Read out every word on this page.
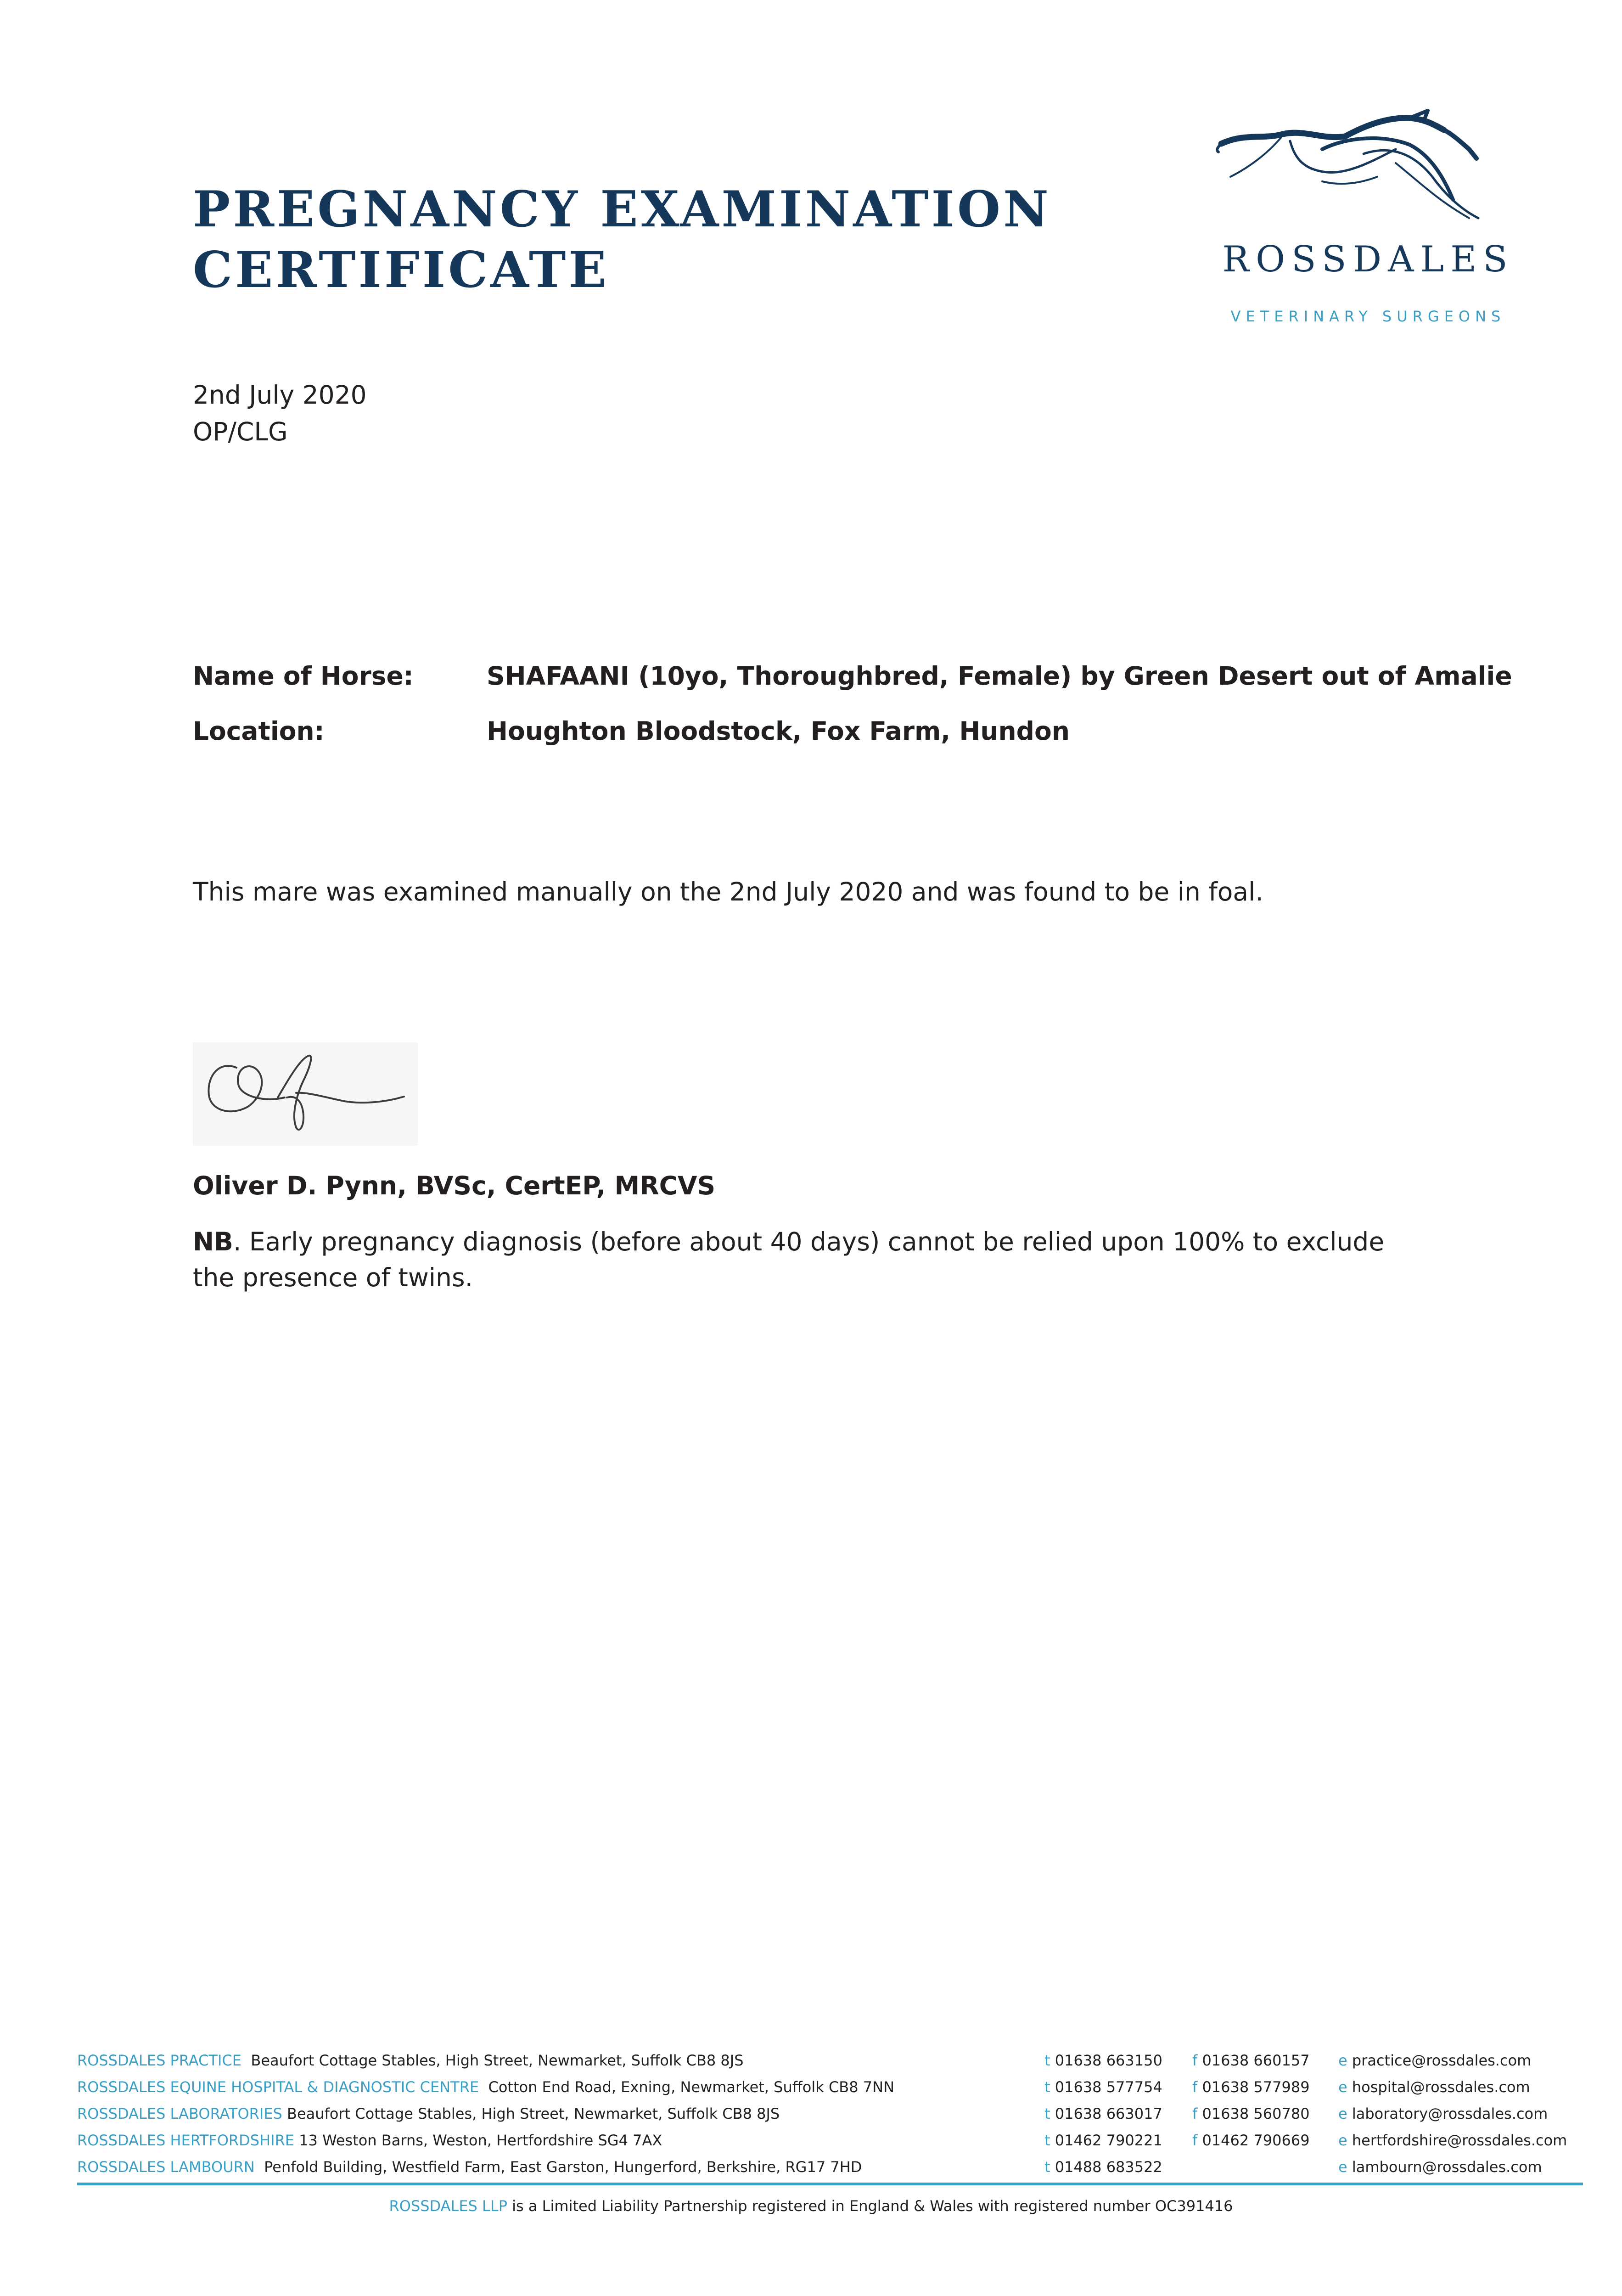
PREGNANCY EXAMINATION
CERTIFICATE	ROSSDALES
VETERINARY SURGEONS
2nd July 2020
OP/CLG
Name of Horse:	SHAFAANI (10yo, Thoroughbred, Female) by Green Desert out of Amalie
Location:	Houghton Bloodstock, Fox Farm, Hundon
This mare was examined manually on the 2nd July 2020 and was found to be in foal.
Oliver D. Pynn, BVSc, CertEP, MRCVS
NB. Early pregnancy diagnosis (before about 40 days) cannot be relied upon 100% to exclude the presence of twins.
ROSSDALES PRACTICE Beaufort Cottage Stables, High Street, Newmarket, Suffolk CB8 8JS	t 01638 663150	f 01638 660157	e practice@rossdales.com
ROSSDALES EQUINE HOSPITAL & DIAGNOSTIC CENTRE Cotton End Road, Exning, Newmarket, Suffolk CB8 7NN	t 01638 577754	f 01638 577989	e hospital@rossdales.com
ROSSDALES LABORATORIES Beaufort Cottage Stables, High Street, Newmarket, Suffolk CB8 8JS	t 01638 663017	f 01638 560780	e laboratory@rossdales.com
ROSSDALES HERTFORDSHIRE 13 Weston Barns, Weston, Hertfordshire SG4 7AX	t 01462 790221	f 01462 790669	e hertfordshire@rossdales.com
ROSSDALES LAMBOURN Penfold Building, Westfield Farm, East Garston, Hungerford, Berkshire, RG17 7HD	t 01488 683522		e lambourn@rossdales.com
ROSSDALES LLP is a Limited Liability Partnership registered in England & Wales with registered number OC391416
